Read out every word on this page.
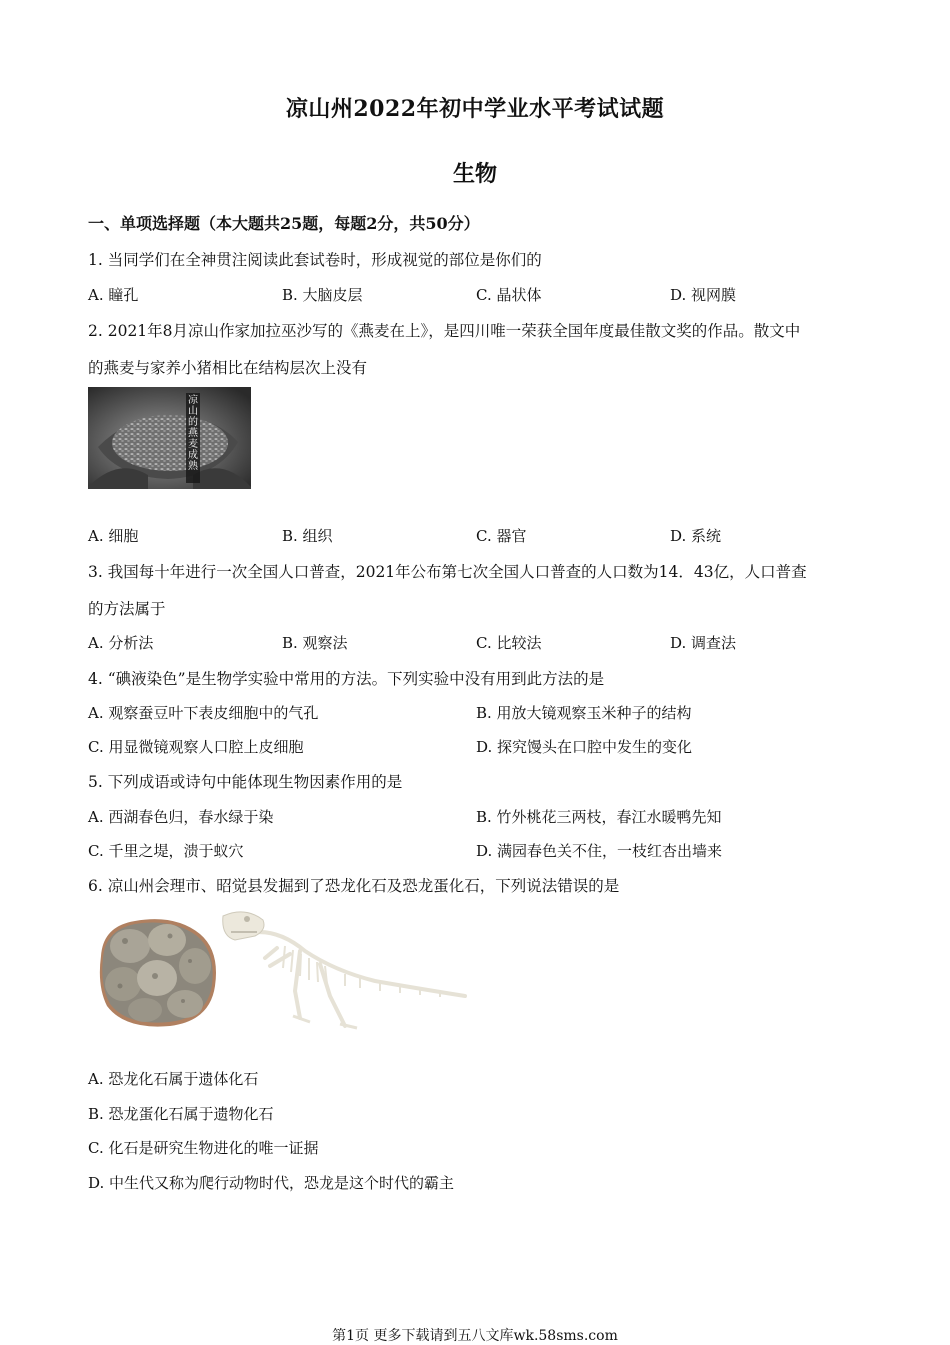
凉山州2022年初中学业水平考试试题
生物
一、单项选择题（本大题共25题，每题2分，共50分）
1. 当同学们在全神贯注阅读此套试卷时，形成视觉的部位是你们的
A. 瞳孔	B. 大脑皮层	C. 晶状体	D. 视网膜
2. 2021年8月凉山作家加拉巫沙写的《燕麦在上》，是四川唯一荣获全国年度最佳散文奖的作品。散文中
的燕麦与家养小猪相比在结构层次上没有
凉山的燕麦成熟
A. 细胞	B. 组织	C. 器官	D. 系统
3. 我国每十年进行一次全国人口普查，2021年公布第七次全国人口普查的人口数为14．43亿，人口普查
的方法属于
A. 分析法	B. 观察法	C. 比较法	D. 调查法
4. “碘液染色”是生物学实验中常用的方法。下列实验中没有用到此方法的是
A. 观察蚕豆叶下表皮细胞中的气孔	B. 用放大镜观察玉米种子的结构
C. 用显微镜观察人口腔上皮细胞	D. 探究馒头在口腔中发生的变化
5. 下列成语或诗句中能体现生物因素作用的是
A. 西湖春色归，春水绿于染	B. 竹外桃花三两枝，春江水暖鸭先知
C. 千里之堤，溃于蚁穴	D. 满园春色关不住，一枝红杏出墙来
6. 凉山州会理市、昭觉县发掘到了恐龙化石及恐龙蛋化石，下列说法错误的是
A. 恐龙化石属于遗体化石
B. 恐龙蛋化石属于遗物化石
C. 化石是研究生物进化的唯一证据
D. 中生代又称为爬行动物时代，恐龙是这个时代的霸主
第1页 更多下载请到五八文库wk.58sms.com
